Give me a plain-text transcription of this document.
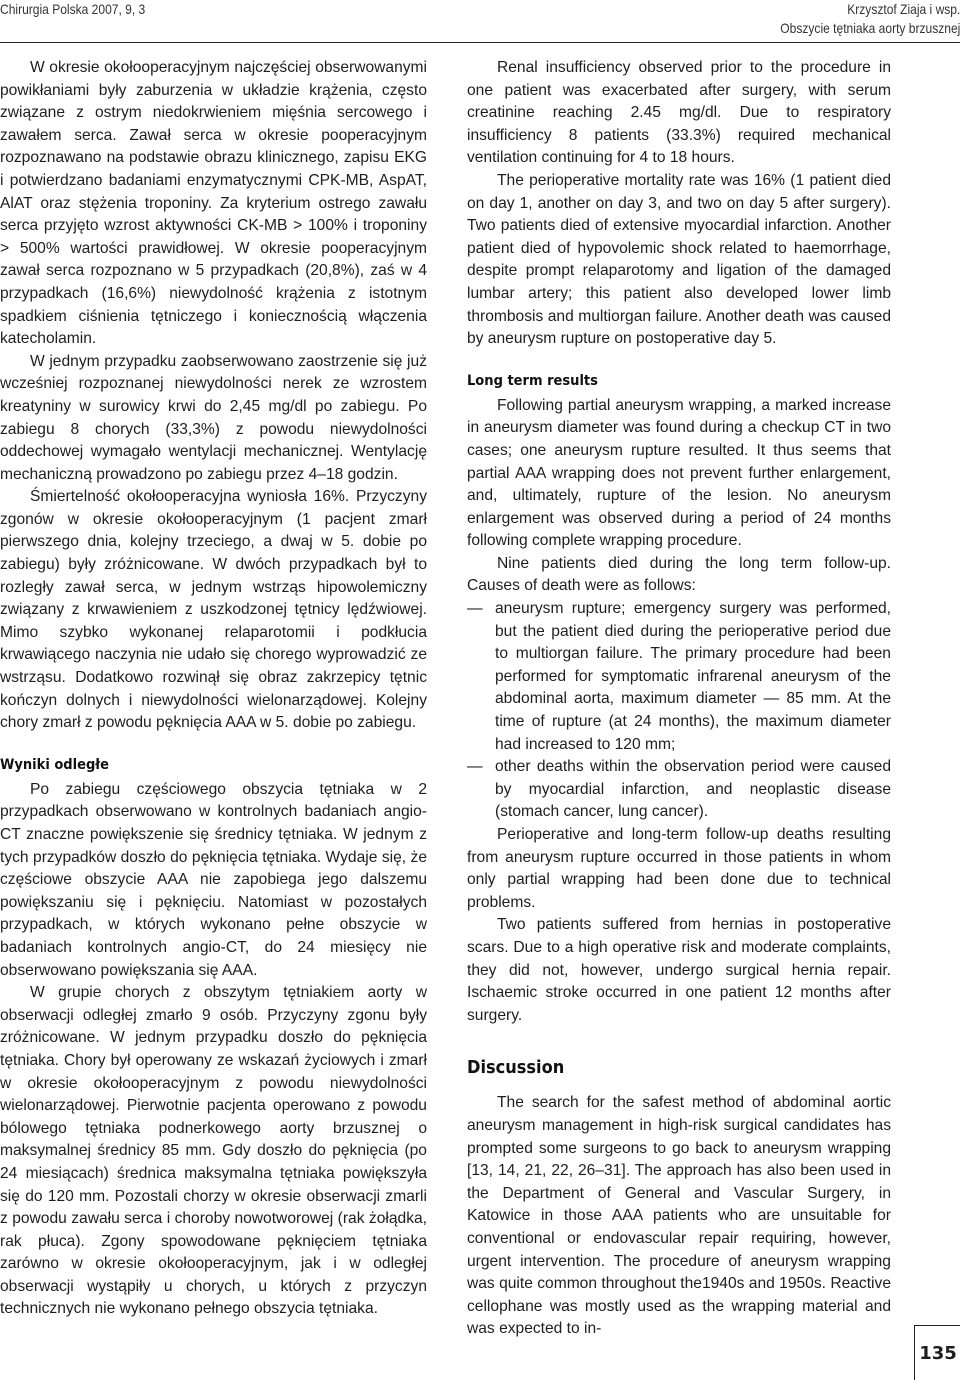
Chirurgia Polska 2007, 9, 3	Krzysztof Ziaja i wsp.
Obszycie tętniaka aorty brzusznej

W okresie okołooperacyjnym najczęściej obserwowanymi powikłaniami były zaburzenia w układzie krążenia, często związane z ostrym niedokrwieniem mięśnia sercowego i zawałem serca. Zawał serca w okresie pooperacyjnym rozpoznawano na podstawie obrazu klinicznego, zapisu EKG i potwierdzano badaniami enzymatycznymi CPK-MB, AspAT, AlAT oraz stężenia troponiny. Za kryterium ostrego zawału serca przyjęto wzrost aktywności CK-MB > 100% i troponiny > 500% wartości prawidłowej. W okresie pooperacyjnym zawał serca rozpoznano w 5 przypadkach (20,8%), zaś w 4 przypadkach (16,6%) niewydolność krążenia z istotnym spadkiem ciśnienia tętniczego i koniecznością włączenia katecholamin.

W jednym przypadku zaobserwowano zaostrzenie się już wcześniej rozpoznanej niewydolności nerek ze wzrostem kreatyniny w surowicy krwi do 2,45 mg/dl po zabiegu. Po zabiegu 8 chorych (33,3%) z powodu niewydolności oddechowej wymagało wentylacji mechanicznej. Wentylację mechaniczną prowadzono po zabiegu przez 4–18 godzin.

Śmiertelność okołooperacyjna wyniosła 16%. Przyczyny zgonów w okresie okołooperacyjnym (1 pacjent zmarł pierwszego dnia, kolejny trzeciego, a dwaj w 5. dobie po zabiegu) były zróżnicowane. W dwóch przypadkach był to rozległy zawał serca, w jednym wstrząs hipowolemiczny związany z krwawieniem z uszkodzonej tętnicy lędźwiowej. Mimo szybko wykonanej relaparotomii i podkłucia krwawiącego naczynia nie udało się chorego wyprowadzić ze wstrząsu. Dodatkowo rozwinął się obraz zakrzepicy tętnic kończyn dolnych i niewydolności wielonarządowej. Kolejny chory zmarł z powodu pęknięcia AAA w 5. dobie po zabiegu.

Wyniki odległe

Po zabiegu częściowego obszycia tętniaka w 2 przypadkach obserwowano w kontrolnych badaniach angio-CT znaczne powiększenie się średnicy tętniaka. W jednym z tych przypadków doszło do pęknięcia tętniaka. Wydaje się, że częściowe obszycie AAA nie zapobiega jego dalszemu powiększaniu się i pęknięciu. Natomiast w pozostałych przypadkach, w których wykonano pełne obszycie w badaniach kontrolnych angio-CT, do 24 miesięcy nie obserwowano powiększania się AAA.

W grupie chorych z obszytym tętniakiem aorty w obserwacji odległej zmarło 9 osób. Przyczyny zgonu były zróżnicowane. W jednym przypadku doszło do pęknięcia tętniaka. Chory był operowany ze wskazań życiowych i zmarł w okresie okołooperacyjnym z powodu niewydolności wielonarządowej. Pierwotnie pacjenta operowano z powodu bólowego tętniaka podnerkowego aorty brzusznej o maksymalnej średnicy 85 mm. Gdy doszło do pęknięcia (po 24 miesiącach) średnica maksymalna tętniaka powiększyła się do 120 mm. Pozostali chorzy w okresie obserwacji zmarli z powodu zawału serca i choroby nowotworowej (rak żołądka, rak płuca). Zgony spowodowane pęknięciem tętniaka zarówno w okresie okołooperacyjnym, jak i w odległej obserwacji wystąpiły u chorych, u których z przyczyn technicznych nie wykonano pełnego obszycia tętniaka.

Renal insufficiency observed prior to the procedure in one patient was exacerbated after surgery, with serum creatinine reaching 2.45 mg/dl. Due to respiratory insufficiency 8 patients (33.3%) required mechanical ventilation continuing for 4 to 18 hours.

The perioperative mortality rate was 16% (1 patient died on day 1, another on day 3, and two on day 5 after surgery). Two patients died of extensive myocardial infarction. Another patient died of hypovolemic shock related to haemorrhage, despite prompt relaparotomy and ligation of the damaged lumbar artery; this patient also developed lower limb thrombosis and multiorgan failure. Another death was caused by aneurysm rupture on postoperative day 5.

Long term results

Following partial aneurysm wrapping, a marked increase in aneurysm diameter was found during a checkup CT in two cases; one aneurysm rupture resulted. It thus seems that partial AAA wrapping does not prevent further enlargement, and, ultimately, rupture of the lesion. No aneurysm enlargement was observed during a period of 24 months following complete wrapping procedure.

Nine patients died during the long term follow-up. Causes of death were as follows:

— aneurysm rupture; emergency surgery was performed, but the patient died during the perioperative period due to multiorgan failure. The primary procedure had been performed for symptomatic infrarenal aneurysm of the abdominal aorta, maximum diameter — 85 mm. At the time of rupture (at 24 months), the maximum diameter had increased to 120 mm;
— other deaths within the observation period were caused by myocardial infarction, and neoplastic disease (stomach cancer, lung cancer).

Perioperative and long-term follow-up deaths resulting from aneurysm rupture occurred in those patients in whom only partial wrapping had been done due to technical problems.

Two patients suffered from hernias in postoperative scars. Due to a high operative risk and moderate complaints, they did not, however, undergo surgical hernia repair. Ischaemic stroke occurred in one patient 12 months after surgery.

Discussion

The search for the safest method of abdominal aortic aneurysm management in high-risk surgical candidates has prompted some surgeons to go back to aneurysm wrapping [13, 14, 21, 22, 26–31]. The approach has also been used in the Department of General and Vascular Surgery, in Katowice in those AAA patients who are unsuitable for conventional or endovascular repair requiring, however, urgent intervention. The procedure of aneurysm wrapping was quite common throughout the1940s and 1950s. Reactive cellophane was mostly used as the wrapping material and was expected to in-

135
